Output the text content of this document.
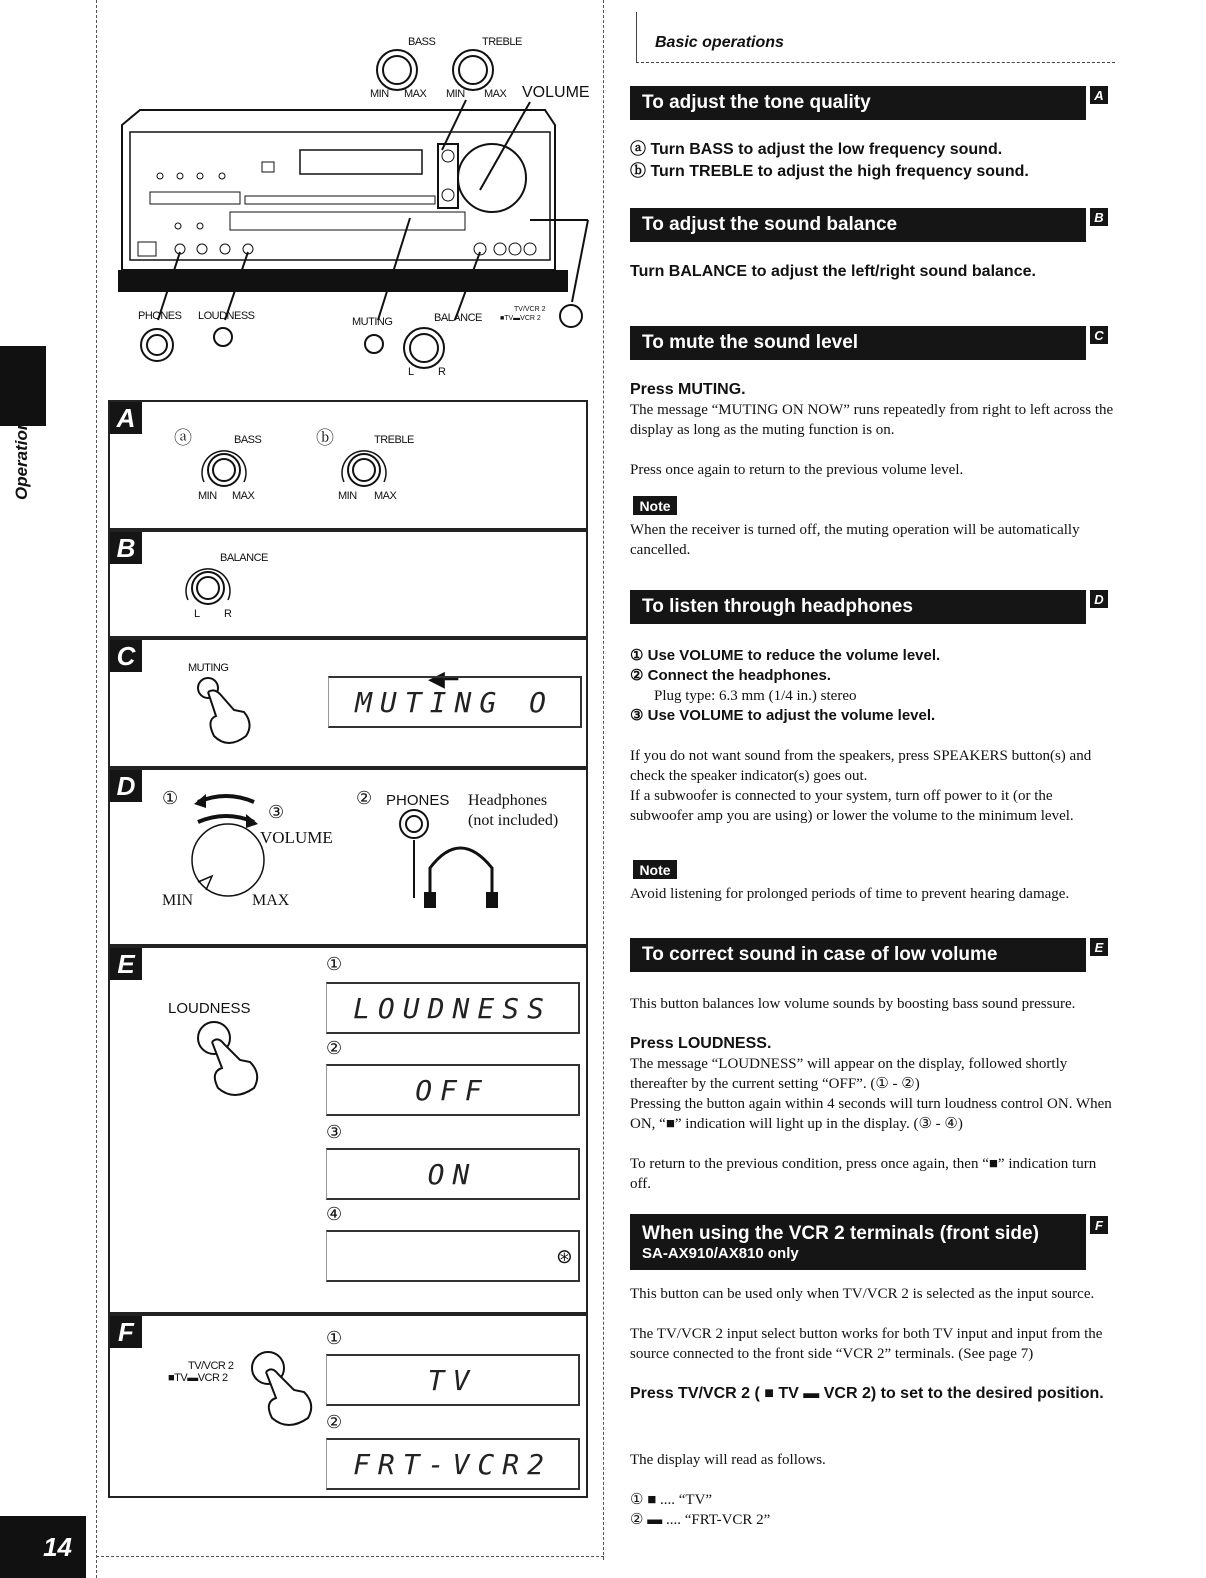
Operation
14
BASS	TREBLE
MIN MAX MIN MAX VOLUME
PHONES LOUDNESS	MUTING	BALANCE
TV/VCR 2
■TV▬VCR 2
L R
A
ⓐ	BASS
MIN MAX
ⓑ	TREBLE
MIN MAX
B	BALANCE
L R
C	MUTING	◀━
MUTING O
D	①
③
VOLUME
MIN	MAX
② PHONES Headphones
(not included)
E
LOUDNESS
①
LOUDNESS
②
OFF
③
ON
④
⊛
F
TV/VCR 2
■TV▬VCR 2
①
TV
②
FRT-VCR2
Basic operations
To adjust the tone quality	A
ⓐ Turn BASS to adjust the low frequency sound.
ⓑ Turn TREBLE to adjust the high frequency sound.
To adjust the sound balance	B
Turn BALANCE to adjust the left/right sound balance.
To mute the sound level	C
Press MUTING.
The message “MUTING ON NOW” runs repeatedly from right to left across the display as long as the muting function is on.
Press once again to return to the previous volume level.
Note
When the receiver is turned off, the muting operation will be automatically cancelled.
To listen through headphones	D
① Use VOLUME to reduce the volume level.
② Connect the headphones.
Plug type: 6.3 mm (1/4 in.) stereo
③ Use VOLUME to adjust the volume level.
If you do not want sound from the speakers, press SPEAKERS button(s) and check the speaker indicator(s) goes out.
If a subwoofer is connected to your system, turn off power to it (or the subwoofer amp you are using) or lower the volume to the minimum level.
Note
Avoid listening for prolonged periods of time to prevent hearing damage.
To correct sound in case of low volume	E
This button balances low volume sounds by boosting bass sound pressure.
Press LOUDNESS.
The message “LOUDNESS” will appear on the display, followed shortly thereafter by the current setting “OFF”. (① - ②)
Pressing the button again within 4 seconds will turn loudness control ON. When ON, “■” indication will light up in the display. (③ - ④)
To return to the previous condition, press once again, then “■” indication turn off.
When using the VCR 2 terminals (front side)
SA-AX910/AX810 only
F
This button can be used only when TV/VCR 2 is selected as the input source.
The TV/VCR 2 input select button works for both TV input and input from the source connected to the front side “VCR 2” terminals. (See page 7)
Press TV/VCR 2 ( ■ TV ▬ VCR 2) to set to the desired position.
The display will read as follows.
① ■ .... “TV”
② ▬ .... “FRT-VCR 2”
